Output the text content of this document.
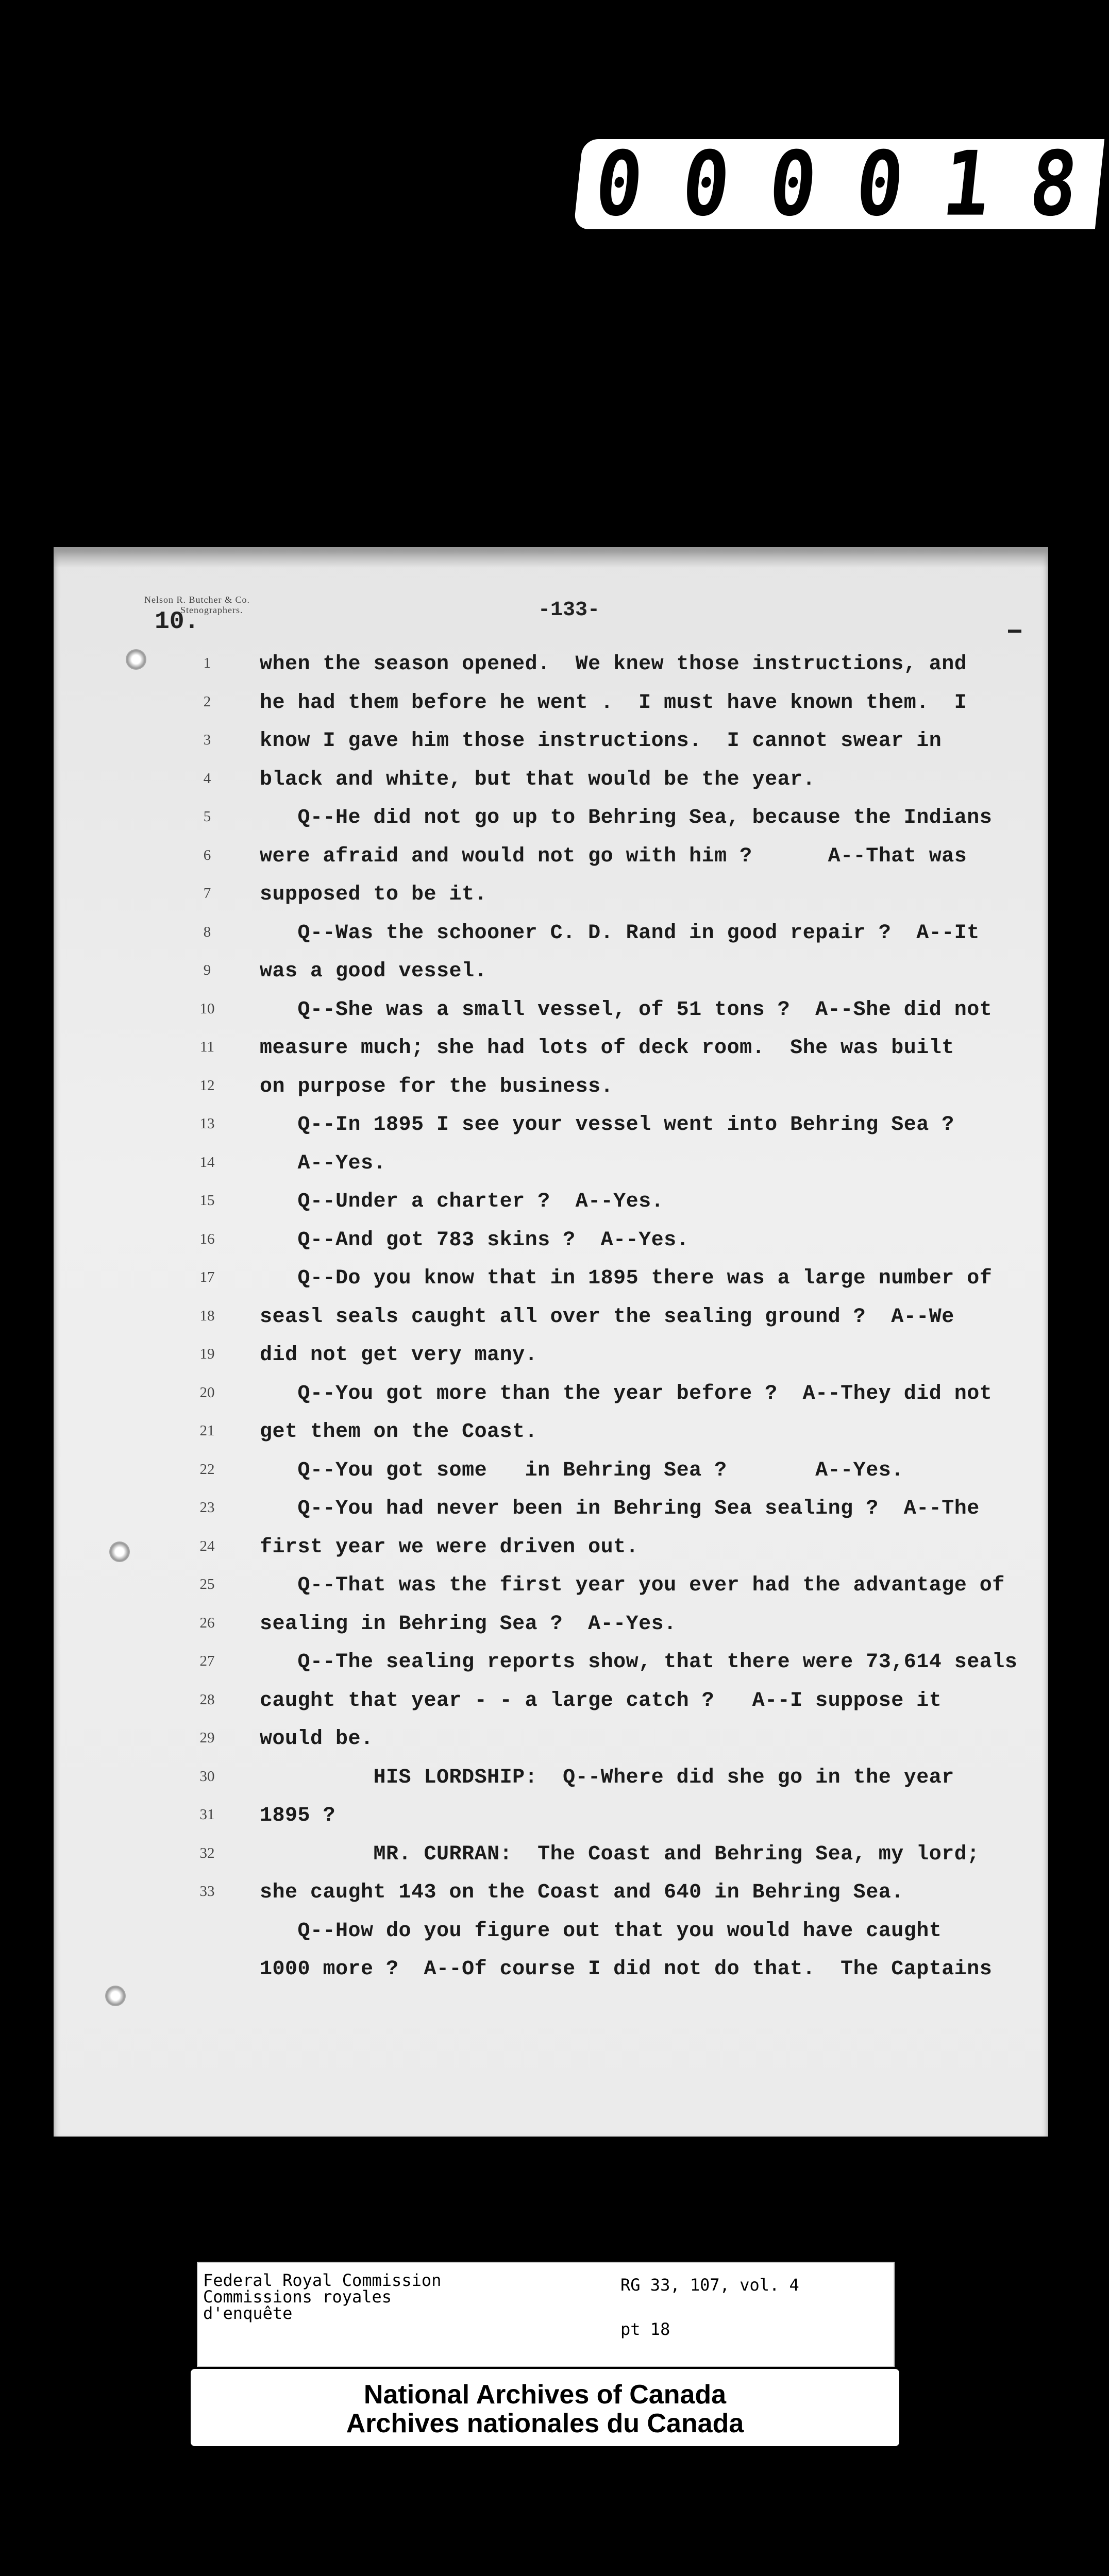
0 0 0 0 1 8
Nelson R. Butcher & Co.
Stenographers.
10.	-133-
1	when the season opened.  We knew those instructions, and
2	he had them before he went .  I must have known them.  I
3	know I gave him those instructions.  I cannot swear in
4	black and white, but that would be the year.
5	Q--He did not go up to Behring Sea, because the Indians
6	were afraid and would not go with him ?      A--That was
7	supposed to be it.
8	Q--Was the schooner C. D. Rand in good repair ?  A--It
9	was a good vessel.
10	Q--She was a small vessel, of 51 tons ?  A--She did not
11	measure much; she had lots of deck room.  She was built
12	on purpose for the business.
13	Q--In 1895 I see your vessel went into Behring Sea ?
14	A--Yes.
15	Q--Under a charter ?  A--Yes.
16	Q--And got 783 skins ?  A--Yes.
17	Q--Do you know that in 1895 there was a large number of
18	seasl seals caught all over the sealing ground ?  A--We
19	did not get very many.
20	Q--You got more than the year before ?  A--They did not
21	get them on the Coast.
22	Q--You got some   in Behring Sea ?       A--Yes.
23	Q--You had never been in Behring Sea sealing ?  A--The
24	first year we were driven out.
25	Q--That was the first year you ever had the advantage of
26	sealing in Behring Sea ?  A--Yes.
27	Q--The sealing reports show, that there were 73,614 seals
28	caught that year - - a large catch ?   A--I suppose it
29	would be.
30	HIS LORDSHIP:  Q--Where did she go in the year
31	1895 ?
32	MR. CURRAN:  The Coast and Behring Sea, my lord;
33	she caught 143 on the Coast and 640 in Behring Sea.
Q--How do you figure out that you would have caught
1000 more ?  A--Of course I did not do that.  The Captains
Federal Royal Commission
Commissions royales
d'enquête
RG 33, 107, vol. 4
pt 18
National Archives of Canada
Archives nationales du Canada
